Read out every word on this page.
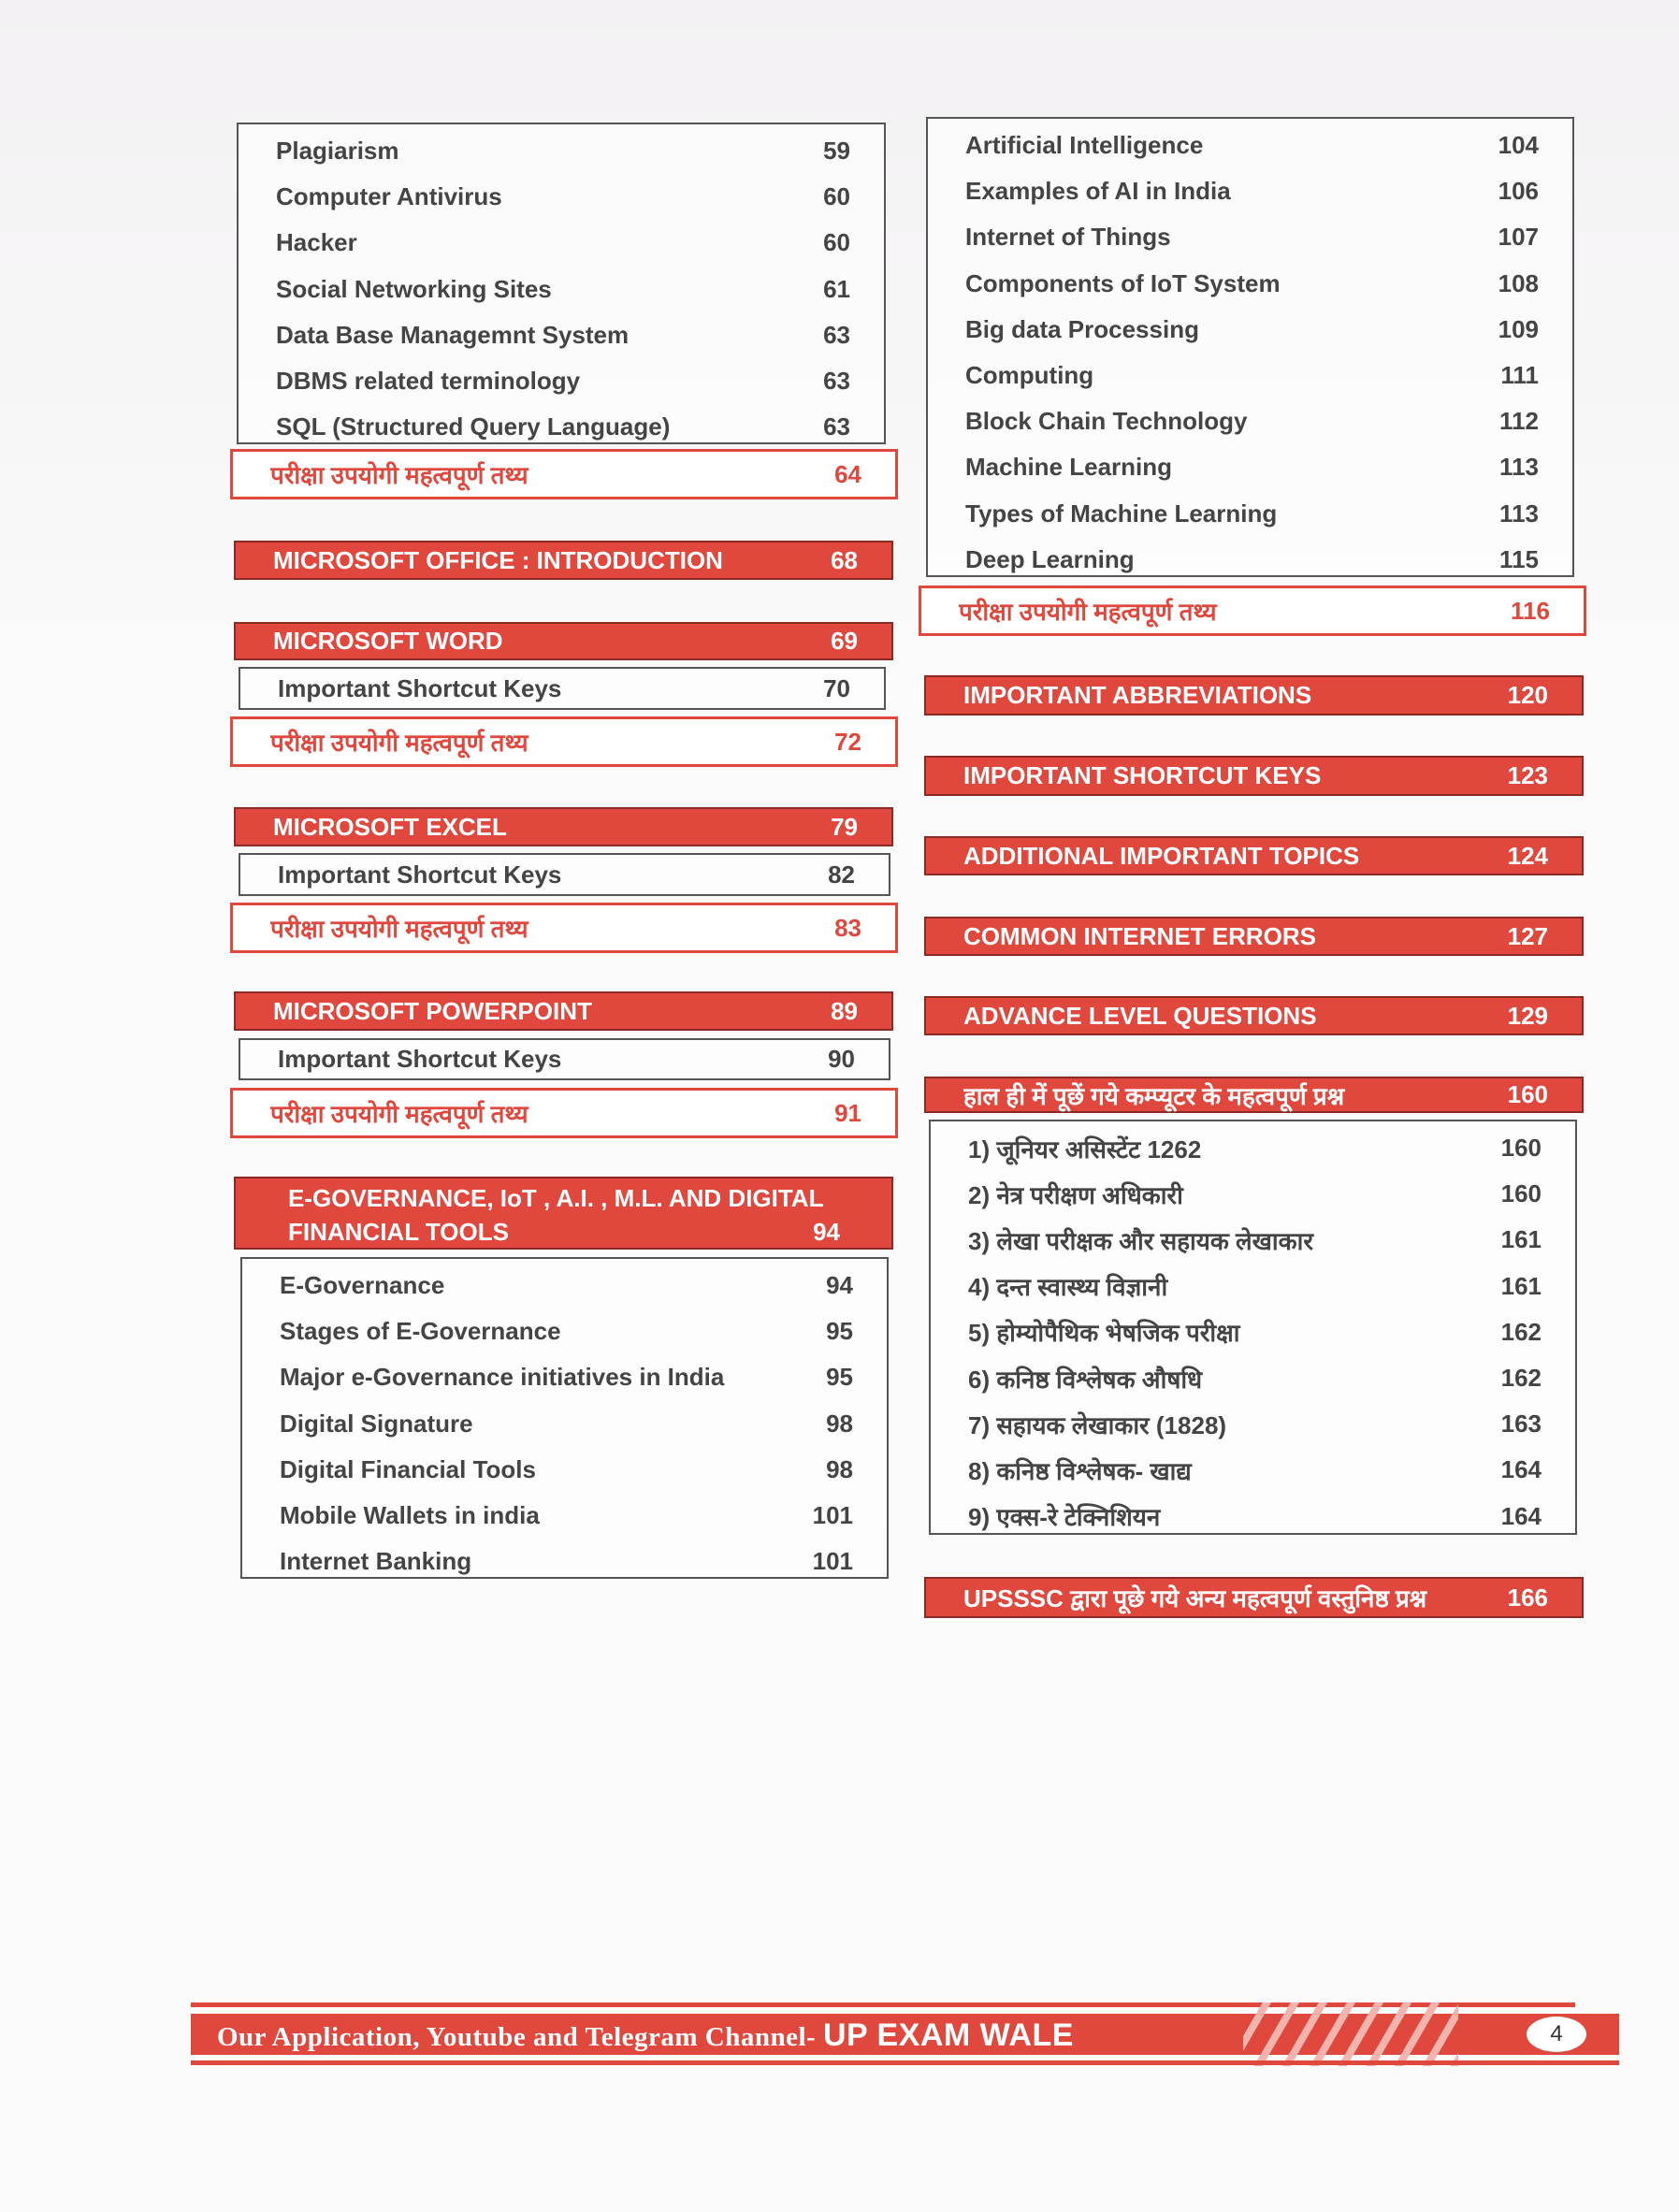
Plagiarism	59
Computer Antivirus	60
Hacker	60
Social Networking Sites	61
Data Base Managemnt System	63
DBMS related terminology	63
SQL (Structured Query Language)	63
परीक्षा उपयोगी महत्वपूर्ण तथ्य	64
MICROSOFT OFFICE : INTRODUCTION	68
MICROSOFT WORD	69
Important Shortcut Keys	70
परीक्षा उपयोगी महत्वपूर्ण तथ्य	72
MICROSOFT EXCEL	79
Important Shortcut Keys	82
परीक्षा उपयोगी महत्वपूर्ण तथ्य	83
MICROSOFT POWERPOINT	89
Important Shortcut Keys	90
परीक्षा उपयोगी महत्वपूर्ण तथ्य	91
E-GOVERNANCE, IoT , A.I. , M.L. AND DIGITAL
FINANCIAL TOOLS	94
E-Governance	94
Stages of E-Governance	95
Major e-Governance initiatives in India	95
Digital Signature	98
Digital Financial Tools	98
Mobile Wallets in india	101
Internet Banking	101
Artificial Intelligence	104
Examples of AI in India	106
Internet of Things	107
Components of IoT System	108
Big data Processing	109
Computing	111
Block Chain Technology	112
Machine Learning	113
Types of Machine Learning	113
Deep Learning	115
परीक्षा उपयोगी महत्वपूर्ण तथ्य	116
IMPORTANT ABBREVIATIONS	120
IMPORTANT SHORTCUT KEYS	123
ADDITIONAL IMPORTANT TOPICS	124
COMMON INTERNET ERRORS	127
ADVANCE LEVEL QUESTIONS	129
हाल ही में पूछें गये कम्प्यूटर के महत्वपूर्ण प्रश्न	160
1) जूनियर असिस्टेंट 1262	160
2) नेत्र परीक्षण अधिकारी	160
3) लेखा परीक्षक और सहायक लेखाकार	161
4) दन्त स्वास्थ्य विज्ञानी	161
5) होम्योपैथिक भेषजिक परीक्षा	162
6) कनिष्ठ विश्लेषक औषधि	162
7) सहायक लेखाकार (1828)	163
8) कनिष्ठ विश्लेषक- खाद्य	164
9) एक्स-रे टेक्निशियन	164
UPSSSC द्वारा पूछे गये अन्य महत्वपूर्ण वस्तुनिष्ठ प्रश्न	166
Our Application, Youtube and Telegram Channel- UP EXAM WALE	4
